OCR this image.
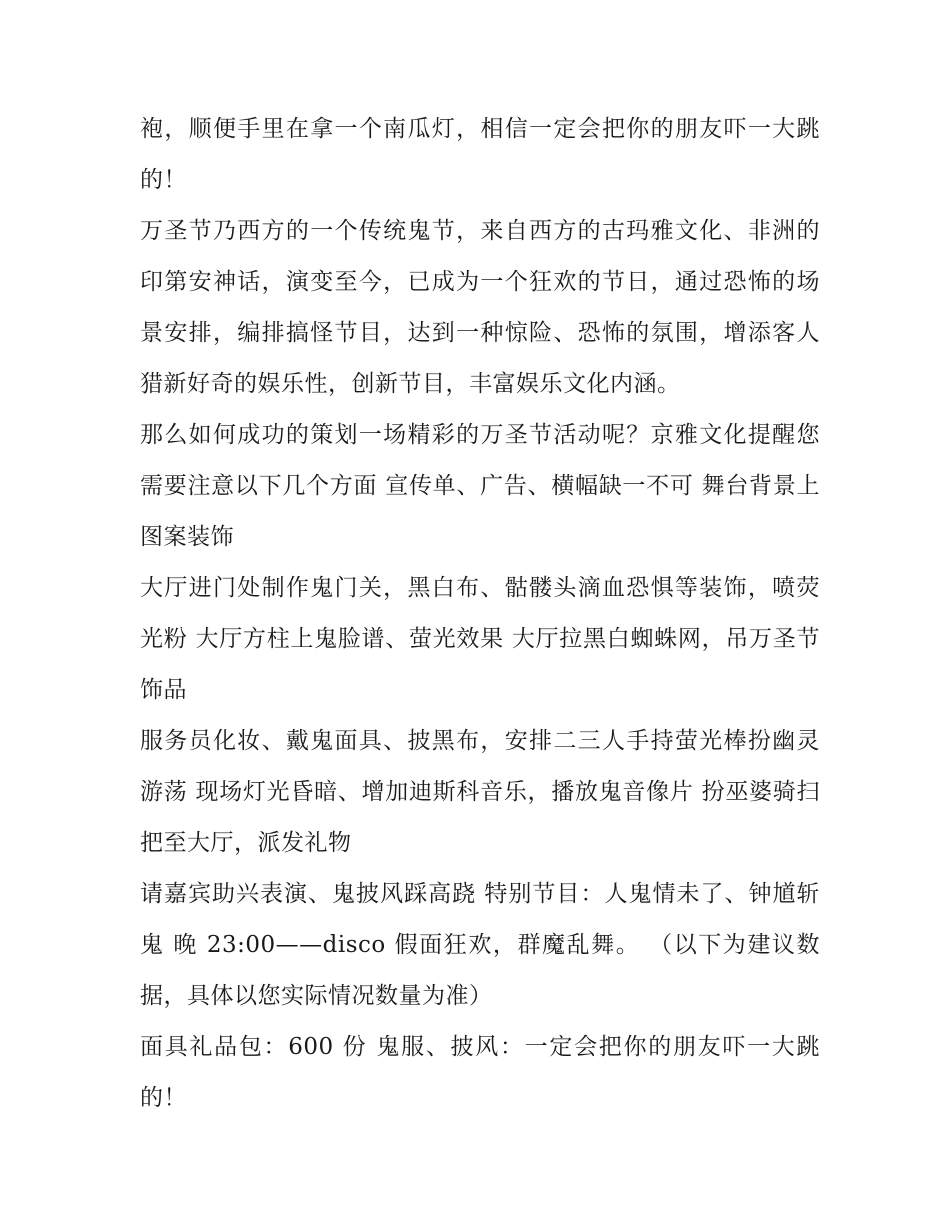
袍，顺便手里在拿一个南瓜灯，相信一定会把你的朋友吓一大跳的！

万圣节乃西方的一个传统鬼节，来自西方的古玛雅文化、非洲的印第安神话，演变至今，已成为一个狂欢的节日，通过恐怖的场景安排，编排搞怪节目，达到一种惊险、恐怖的氛围，增添客人猎新好奇的娱乐性，创新节目，丰富娱乐文化内涵。

那么如何成功的策划一场精彩的万圣节活动呢？京雅文化提醒您需要注意以下几个方面 宣传单、广告、横幅缺一不可 舞台背景上图案装饰

大厅进门处制作鬼门关，黑白布、骷髅头滴血恐惧等装饰，喷荧光粉 大厅方柱上鬼脸谱、萤光效果 大厅拉黑白蜘蛛网，吊万圣节饰品

服务员化妆、戴鬼面具、披黑布，安排二三人手持萤光棒扮幽灵游荡 现场灯光昏暗、增加迪斯科音乐，播放鬼音像片 扮巫婆骑扫把至大厅，派发礼物

请嘉宾助兴表演、鬼披风踩高跷 特别节目：人鬼情未了、钟馗斩鬼 晚 23:00——disco 假面狂欢，群魔乱舞。 （以下为建议数据，具体以您实际情况数量为准）

面具礼品包：600 份 鬼服、披风：一定会把你的朋友吓一大跳的！
